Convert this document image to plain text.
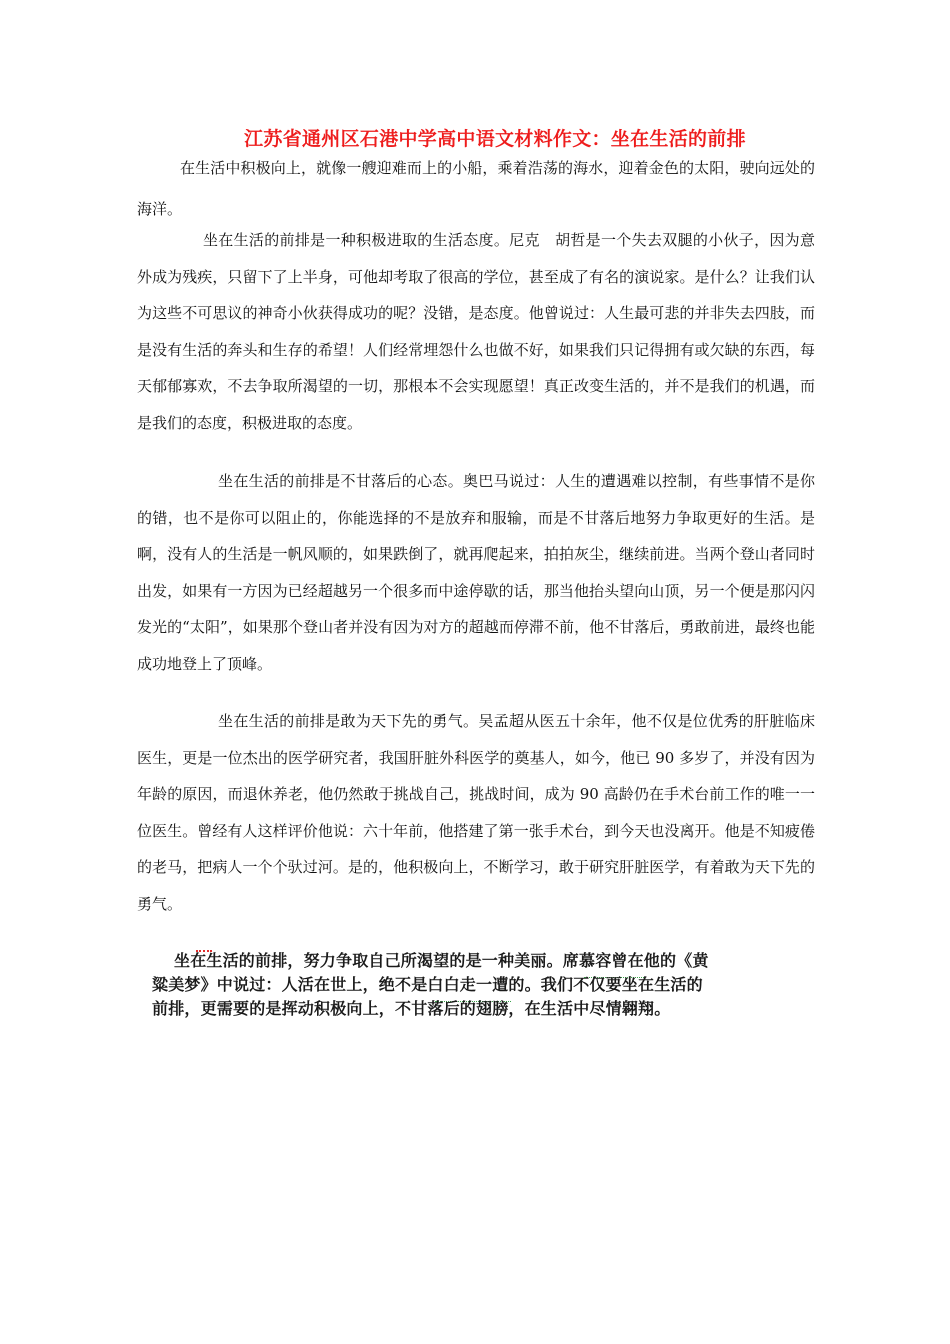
江苏省通州区石港中学高中语文材料作文：坐在生活的前排

在生活中积极向上，就像一艘迎难而上的小船，乘着浩荡的海水，迎着金色的太阳，驶向远处的海洋。

坐在生活的前排是一种积极进取的生活态度。尼克　胡哲是一个失去双腿的小伙子，因为意外成为残疾，只留下了上半身，可他却考取了很高的学位，甚至成了有名的演说家。是什么？让我们认为这些不可思议的神奇小伙获得成功的呢？没错，是态度。他曾说过：人生最可悲的并非失去四肢，而是没有生活的奔头和生存的希望！人们经常埋怨什么也做不好，如果我们只记得拥有或欠缺的东西，每天郁郁寡欢，不去争取所渴望的一切，那根本不会实现愿望！真正改变生活的，并不是我们的机遇，而是我们的态度，积极进取的态度。

坐在生活的前排是不甘落后的心态。奥巴马说过：人生的遭遇难以控制，有些事情不是你的错，也不是你可以阻止的，你能选择的不是放弃和服输，而是不甘落后地努力争取更好的生活。是啊，没有人的生活是一帆风顺的，如果跌倒了，就再爬起来，拍拍灰尘，继续前进。当两个登山者同时出发，如果有一方因为已经超越另一个很多而中途停歇的话，那当他抬头望向山顶，另一个便是那闪闪发光的“太阳”，如果那个登山者并没有因为对方的超越而停滞不前，他不甘落后，勇敢前进，最终也能成功地登上了顶峰。

坐在生活的前排是敢为天下先的勇气。吴孟超从医五十余年，他不仅是位优秀的肝脏临床医生，更是一位杰出的医学研究者，我国肝脏外科医学的奠基人，如今，他已 90 多岁了，并没有因为年龄的原因，而退休养老，他仍然敢于挑战自己，挑战时间，成为 90 高龄仍在手术台前工作的唯一一位医生。曾经有人这样评价他说：六十年前，他搭建了第一张手术台，到今天也没离开。他是不知疲倦的老马，把病人一个个驮过河。是的，他积极向上，不断学习，敢于研究肝脏医学，有着敢为天下先的勇气。

坐在生活的前排，努力争取自己所渴望的是一种美丽。席慕容曾在他的《黄
粱美梦》中说过：人活在世上，绝不是白白走一遭的。我们不仅要坐在生活的
前排，更需要的是挥动积极向上，不甘落后的翅膀，在生活中尽情翱翔。
